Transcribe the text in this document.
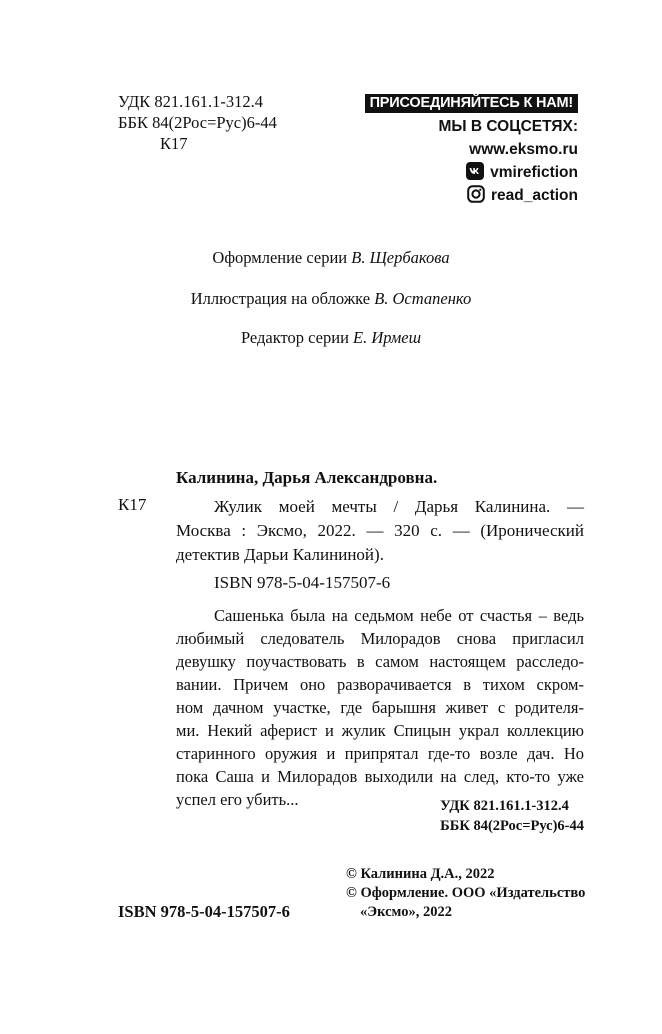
УДК 821.161.1-312.4
ББК 84(2Рос=Рус)6-44
К17
ПРИСОЕДИНЯЙТЕСЬ К НАМ!
МЫ В СОЦСЕТЯХ:
www.eksmo.ru
vmirefiction
read_action
Оформление серии В. Щербакова
Иллюстрация на обложке В. Остапенко
Редактор серии Е. Ирмеш
Калинина, Дарья Александровна.
К17	Жулик моей мечты / Дарья Калинина. —
Москва : Эксмо, 2022. — 320 с. — (Иронический
детектив Дарьи Калининой).
ISBN 978-5-04-157507-6
Сашенька была на седьмом небе от счастья – ведь
любимый следователь Милорадов снова пригласил
девушку поучаствовать в самом настоящем расследо-
вании. Причем оно разворачивается в тихом скром-
ном дачном участке, где барышня живет с родителя-
ми. Некий аферист и жулик Спицын украл коллекцию
старинного оружия и припрятал где-то возле дач. Но
пока Саша и Милорадов выходили на след, кто-то уже
успел его убить...	УДК 821.161.1-312.4
ББК 84(2Рос=Рус)6-44
© Калинина Д.А., 2022
© Оформление. ООО «Издательство
«Эксмо», 2022
ISBN 978-5-04-157507-6
